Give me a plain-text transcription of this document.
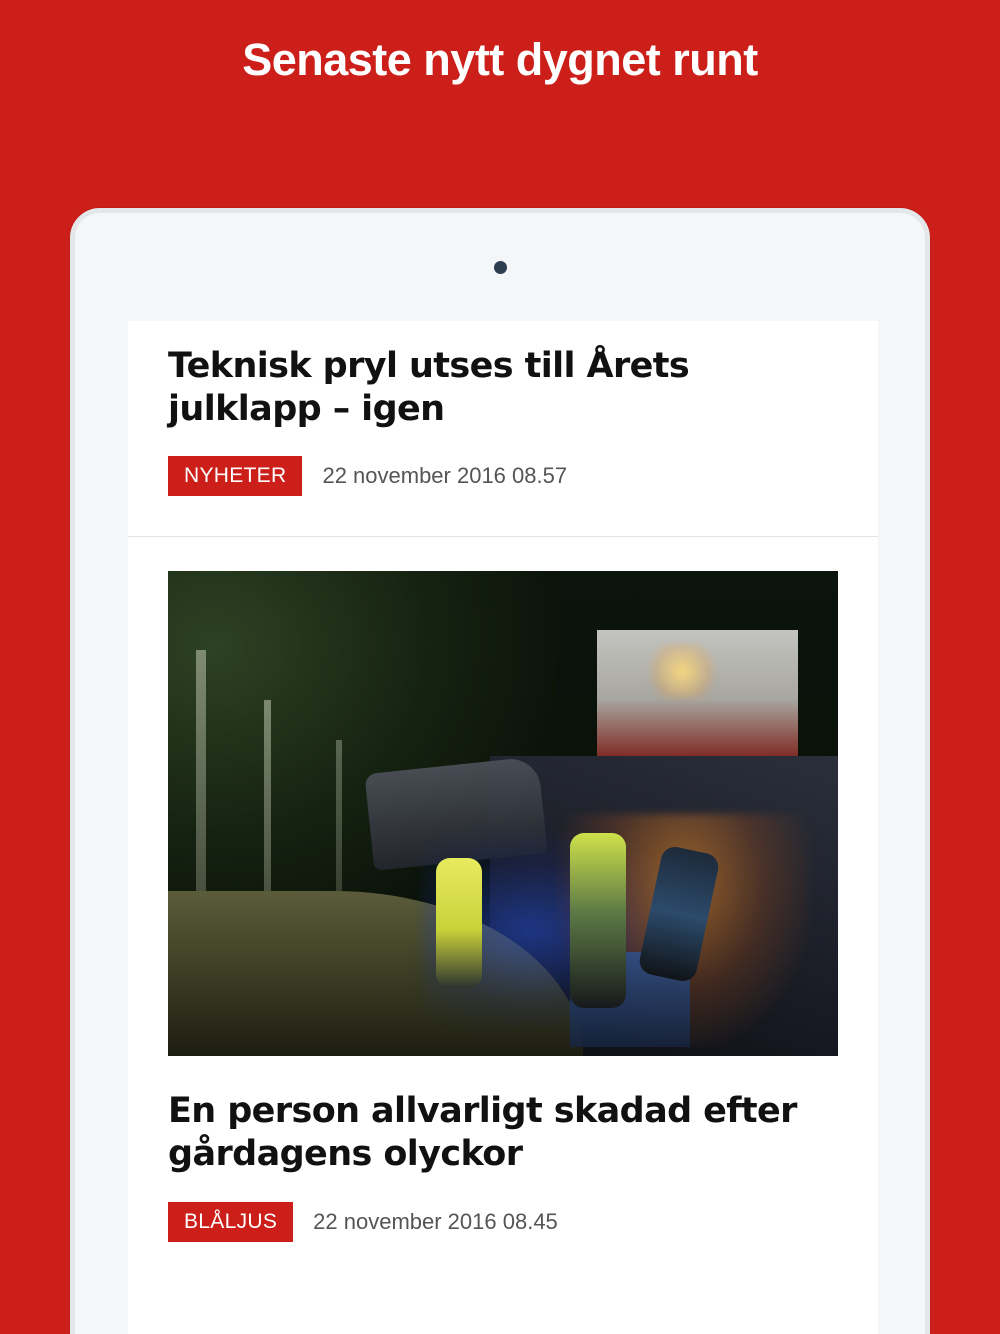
Senaste nytt dygnet runt
Teknisk pryl utses till Årets julklapp – igen
NYHETER	22 november 2016 08.57
En person allvarligt skadad efter gårdagens olyckor
BLÅLJUS	22 november 2016 08.45
